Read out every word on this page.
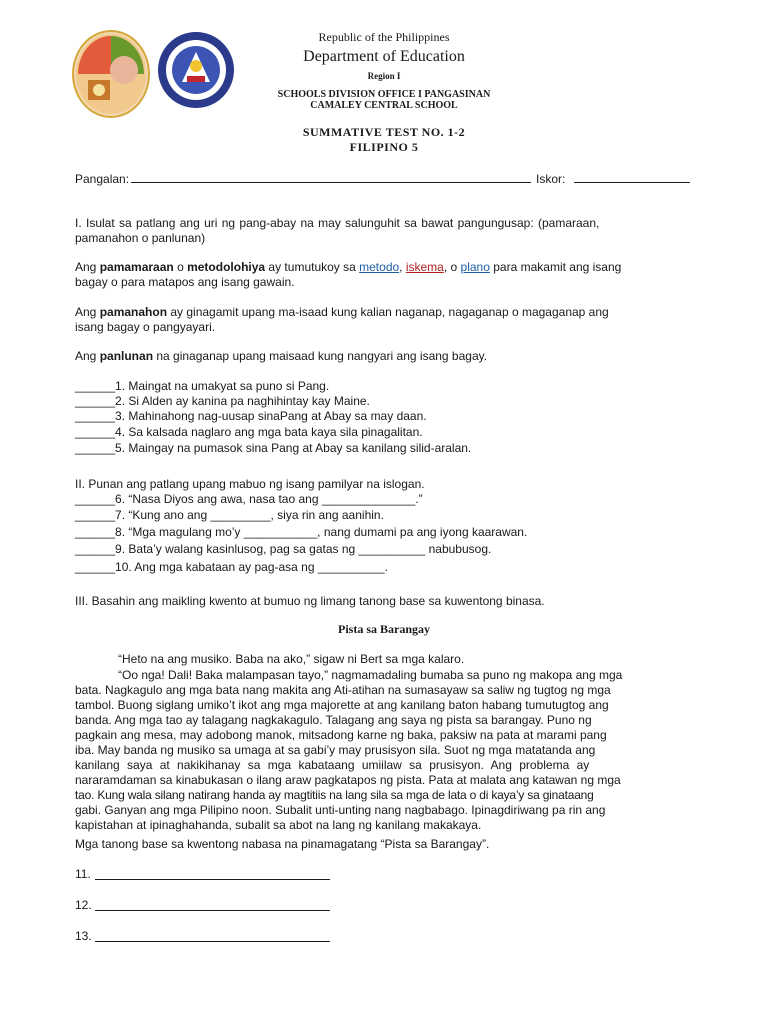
Republic of the Philippines
Department of Education
Region I
SCHOOLS DIVISION OFFICE I PANGASINAN
CAMALEY CENTRAL SCHOOL
SUMMATIVE TEST NO. 1-2
FILIPINO 5
Pangalan:	Iskor:
I. Isulat sa patlang ang uri ng pang-abay na may salunguhit sa bawat pangungusap: (pamaraan,
pamanahon o panlunan)
Ang pamamaraan o metodolohiya ay tumutukoy sa metodo, iskema, o plano para makamit ang isang
bagay o para matapos ang isang gawain.
Ang pamanahon ay ginagamit upang ma-isaad kung kalian naganap, nagaganap o magaganap ang
isang bagay o pangyayari.
Ang panlunan na ginaganap upang maisaad kung nangyari ang isang bagay.
______1. Maingat na umakyat sa puno si Pang.
______2. Si Alden ay kanina pa naghihintay kay Maine.
______3. Mahinahong nag-uusap sinaPang at Abay sa may daan.
______4. Sa kalsada naglaro ang mga bata kaya sila pinagalitan.
______5. Maingay na pumasok sina Pang at Abay sa kanilang silid-aralan.
II. Punan ang patlang upang mabuo ng isang pamilyar na islogan.
______6. “Nasa Diyos ang awa, nasa tao ang ______________.”
______7. “Kung ano ang _________, siya rin ang aanihin.
______8. “Mga magulang mo’y ___________, nang dumami pa ang iyong kaarawan.
______9. Bata’y walang kasinlusog, pag sa gatas ng __________ nabubusog.
______10. Ang mga kabataan ay pag-asa ng __________.
III. Basahin ang maikling kwento at bumuo ng limang tanong base sa kuwentong binasa.
Pista sa Barangay
“Heto na ang musiko. Baba na ako,” sigaw ni Bert sa mga kalaro.
“Oo nga! Dali! Baka malampasan tayo,” nagmamadaling bumaba sa puno ng makopa ang mga
bata. Nagkagulo ang mga bata nang makita ang Ati-atihan na sumasayaw sa saliw ng tugtog ng mga
tambol. Buong siglang umiko’t ikot ang mga majorette at ang kanilang baton habang tumutugtog ang
banda. Ang mga tao ay talagang nagkakagulo. Talagang ang saya ng pista sa barangay. Puno ng
pagkain ang mesa, may adobong manok, mitsadong karne ng baka, paksiw na pata at marami pang
iba. May banda ng musiko sa umaga at sa gabi’y may prusisyon sila. Suot ng mga matatanda ang
kanilang saya at nakikihanay sa mga kabataang umiilaw sa prusisyon. Ang problema ay
nararamdaman sa kinabukasan o ilang araw pagkatapos ng pista. Pata at malata ang katawan ng mga
tao. Kung wala silang natirang handa ay magtitiis na lang sila sa mga de lata o di kaya’y sa ginataang
gabi. Ganyan ang mga Pilipino noon. Subalit unti-unting nang nagbabago. Ipinagdiriwang pa rin ang
kapistahan at ipinaghahanda, subalit sa abot na lang ng kanilang makakaya.
Mga tanong base sa kwentong nabasa na pinamagatang “Pista sa Barangay”.
11.
12.
13.
